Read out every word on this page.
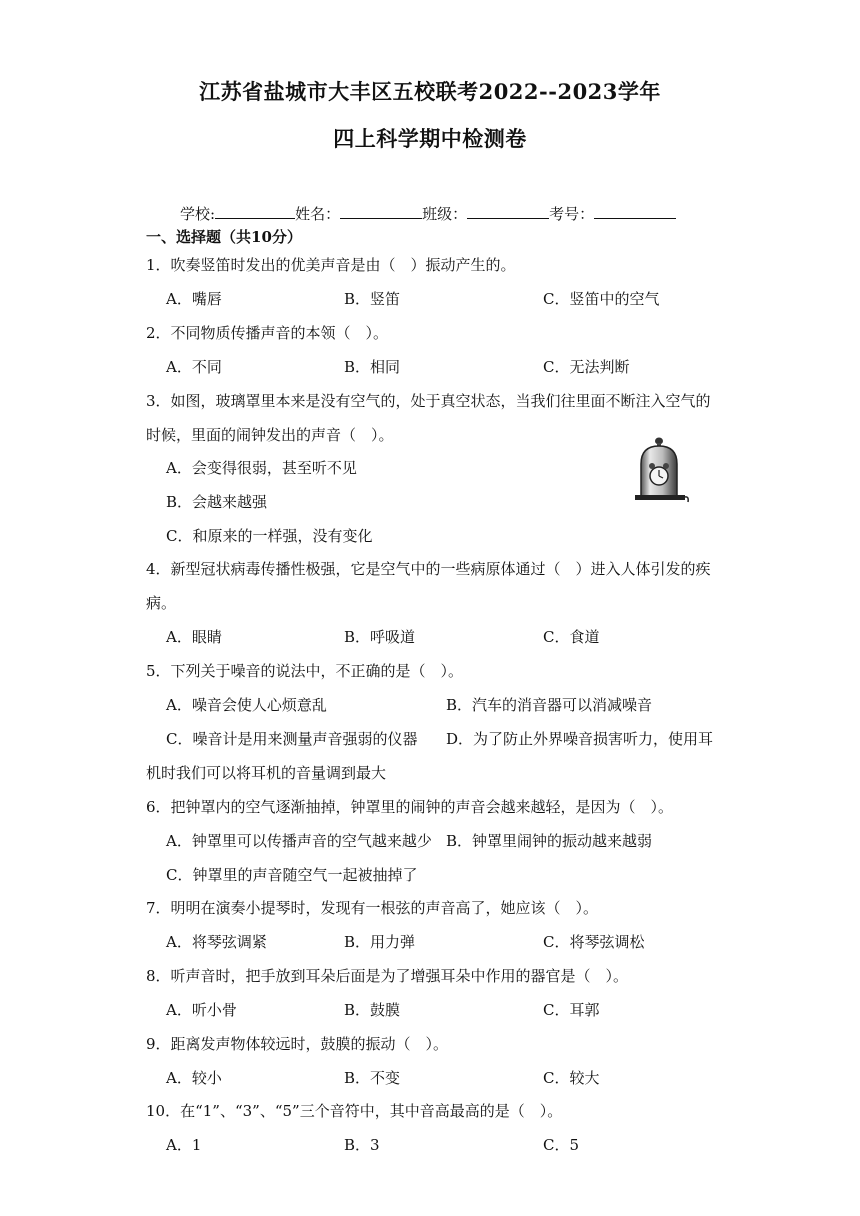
江苏省盐城市大丰区五校联考2022--2023学年
四上科学期中检测卷
学校:	姓名：	班级：	考号：
一、选择题（共10分）
1．吹奏竖笛时发出的优美声音是由（　）振动产生的。
A．嘴唇	B．竖笛	C．竖笛中的空气
2．不同物质传播声音的本领（　）。
A．不同	B．相同	C．无法判断
3．如图，玻璃罩里本来是没有空气的，处于真空状态，当我们往里面不断注入空气的
时候，里面的闹钟发出的声音（　）。
A．会变得很弱，甚至听不见
B．会越来越强
C．和原来的一样强，没有变化
4．新型冠状病毒传播性极强，它是空气中的一些病原体通过（　）进入人体引发的疾
病。
A．眼睛	B．呼吸道	C．食道
5．下列关于噪音的说法中，不正确的是（　）。
A．噪音会使人心烦意乱	B．汽车的消音器可以消减噪音
C．噪音计是用来测量声音强弱的仪器 D．为了防止外界噪音损害听力，使用耳
机时我们可以将耳机的音量调到最大
6．把钟罩内的空气逐渐抽掉，钟罩里的闹钟的声音会越来越轻，是因为（　）。
A．钟罩里可以传播声音的空气越来越少 B．钟罩里闹钟的振动越来越弱
C．钟罩里的声音随空气一起被抽掉了
7．明明在演奏小提琴时，发现有一根弦的声音高了，她应该（　）。
A．将琴弦调紧	B．用力弹	C．将琴弦调松
8．听声音时，把手放到耳朵后面是为了增强耳朵中作用的器官是（　）。
A．听小骨	B．鼓膜	C．耳郭
9．距离发声物体较远时，鼓膜的振动（　）。
A．较小	B．不变	C．较大
10．在“1”、“3”、“5”三个音符中，其中音高最高的是（　）。
A．1	B．3	C．5
